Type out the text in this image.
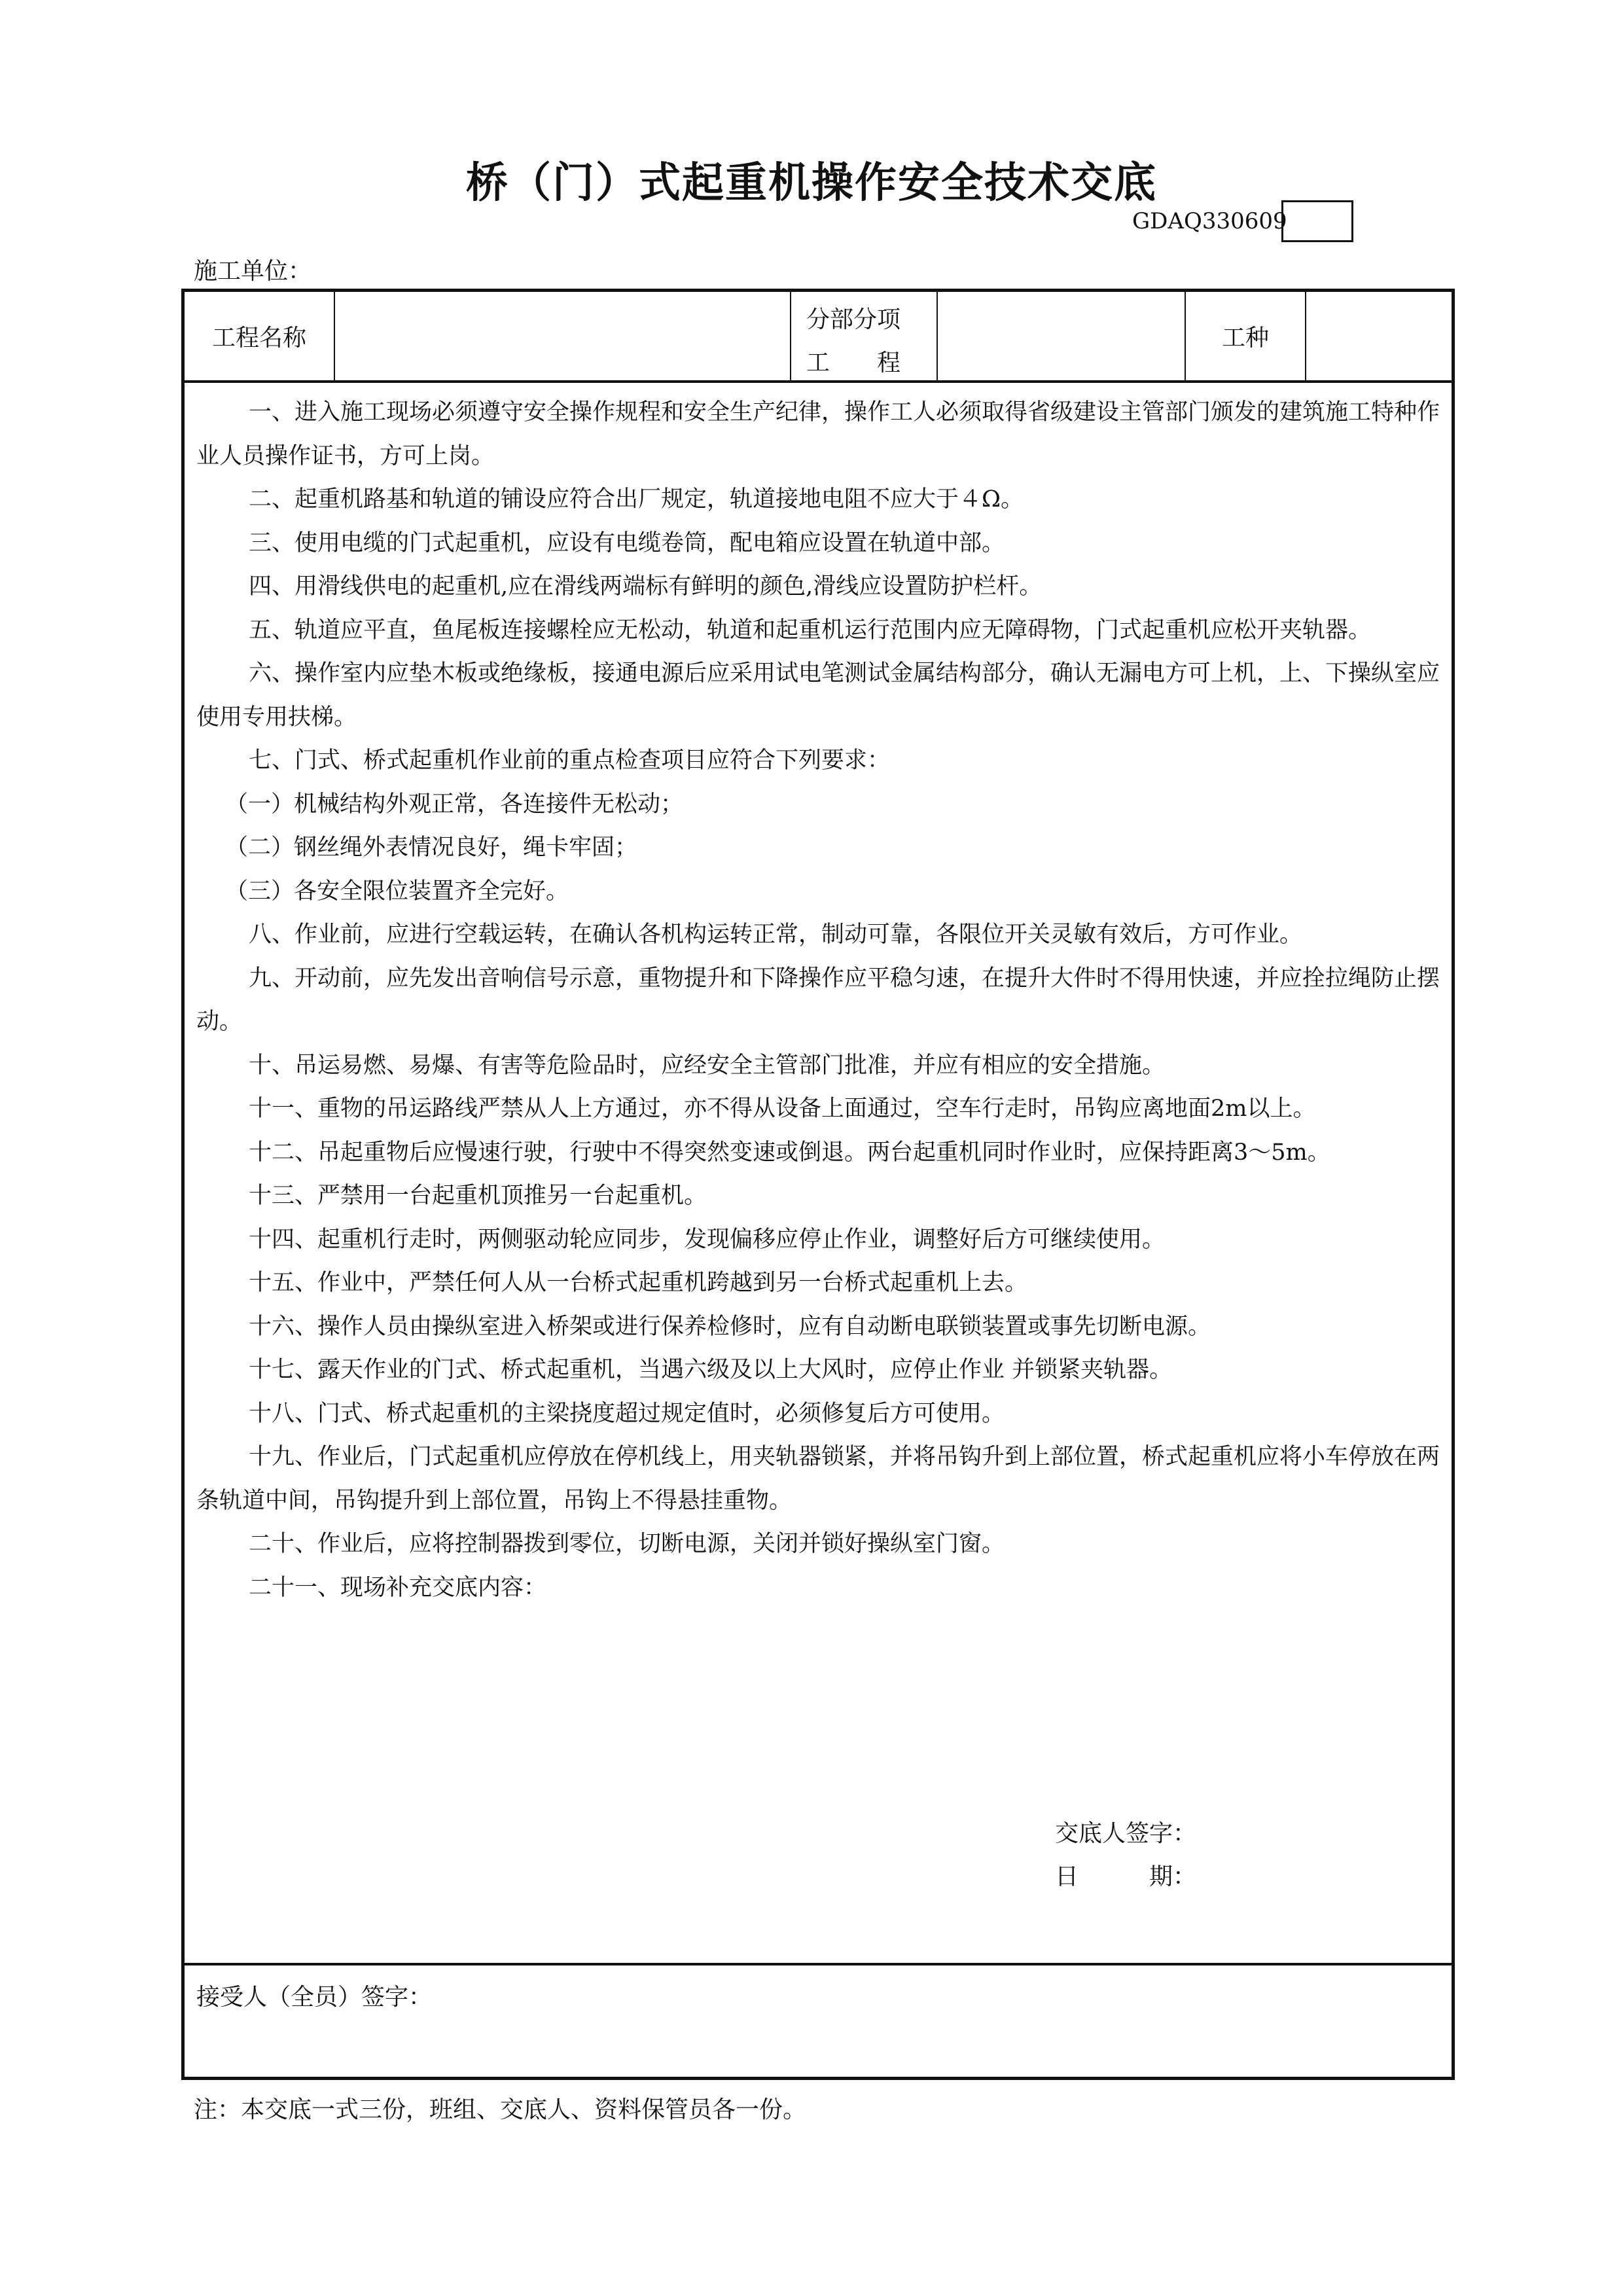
桥（门）式起重机操作安全技术交底
GDAQ330609
施工单位：
工程名称
分部分项
工　　程
工种

一、进入施工现场必须遵守安全操作规程和安全生产纪律，操作工人必须取得省级建设主管部门颁发的建筑施工特种作业人员操作证书，方可上岗。

二、起重机路基和轨道的铺设应符合出厂规定，轨道接地电阻不应大于４Ω。

三、使用电缆的门式起重机，应设有电缆卷筒，配电箱应设置在轨道中部。

四、用滑线供电的起重机,应在滑线两端标有鲜明的颜色,滑线应设置防护栏杆。

五、轨道应平直，鱼尾板连接螺栓应无松动，轨道和起重机运行范围内应无障碍物，门式起重机应松开夹轨器。

六、操作室内应垫木板或绝缘板，接通电源后应采用试电笔测试金属结构部分，确认无漏电方可上机，上、下操纵室应使用专用扶梯。

七、门式、桥式起重机作业前的重点检查项目应符合下列要求：

（一）机械结构外观正常，各连接件无松动；

（二）钢丝绳外表情况良好，绳卡牢固；

（三）各安全限位装置齐全完好。

八、作业前，应进行空载运转，在确认各机构运转正常，制动可靠，各限位开关灵敏有效后，方可作业。

九、开动前，应先发出音响信号示意，重物提升和下降操作应平稳匀速，在提升大件时不得用快速，并应拴拉绳防止摆动。

十、吊运易燃、易爆、有害等危险品时，应经安全主管部门批准，并应有相应的安全措施。

十一、重物的吊运路线严禁从人上方通过，亦不得从设备上面通过，空车行走时，吊钩应离地面2m以上。

十二、吊起重物后应慢速行驶，行驶中不得突然变速或倒退。两台起重机同时作业时，应保持距离3～5m。

十三、严禁用一台起重机顶推另一台起重机。

十四、起重机行走时，两侧驱动轮应同步，发现偏移应停止作业，调整好后方可继续使用。

十五、作业中，严禁任何人从一台桥式起重机跨越到另一台桥式起重机上去。

十六、操作人员由操纵室进入桥架或进行保养检修时，应有自动断电联锁装置或事先切断电源。

十七、露天作业的门式、桥式起重机，当遇六级及以上大风时，应停止作业 并锁紧夹轨器。

十八、门式、桥式起重机的主梁挠度超过规定值时，必须修复后方可使用。

十九、作业后，门式起重机应停放在停机线上，用夹轨器锁紧，并将吊钩升到上部位置，桥式起重机应将小车停放在两条轨道中间，吊钩提升到上部位置，吊钩上不得悬挂重物。

二十、作业后，应将控制器拨到零位，切断电源，关闭并锁好操纵室门窗。

二十一、现场补充交底内容：

交底人签字：
日　　　期：
接受人（全员）签字：
注：本交底一式三份，班组、交底人、资料保管员各一份。
